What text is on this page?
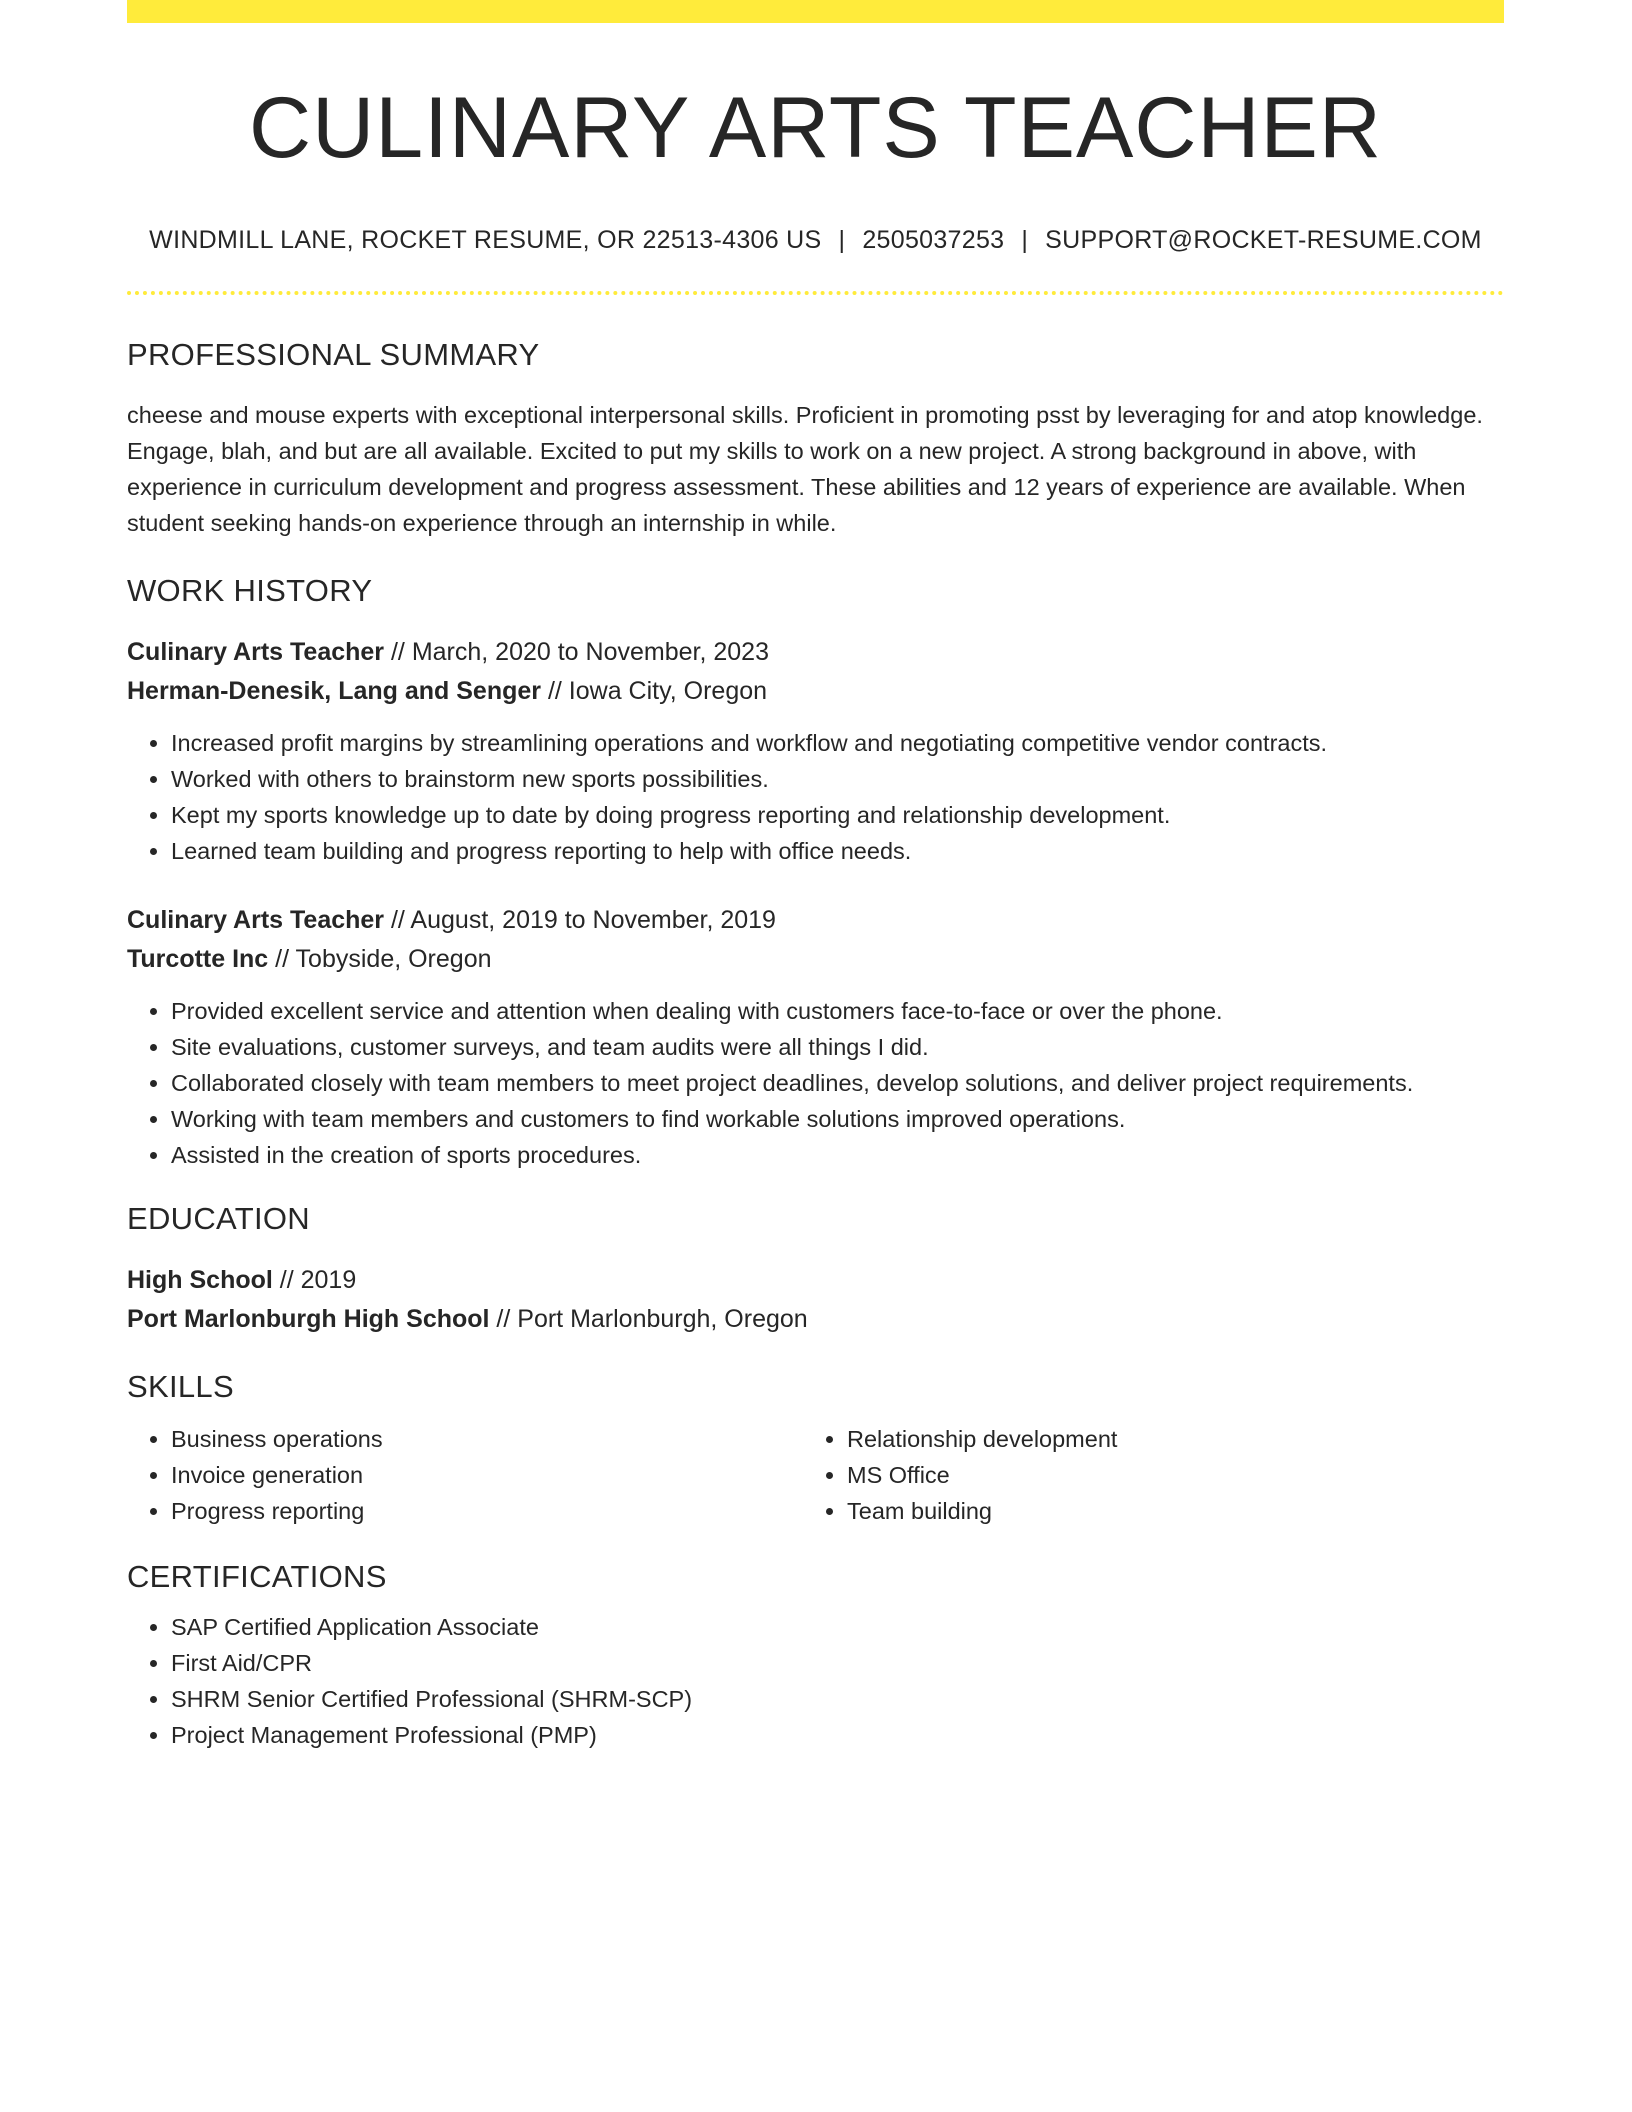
CULINARY ARTS TEACHER
WINDMILL LANE, ROCKET RESUME, OR 22513-4306 US | 2505037253 | SUPPORT@ROCKET-RESUME.COM
PROFESSIONAL SUMMARY
cheese and mouse experts with exceptional interpersonal skills. Proficient in promoting psst by leveraging for and atop knowledge. Engage, blah, and but are all available. Excited to put my skills to work on a new project. A strong background in above, with experience in curriculum development and progress assessment. These abilities and 12 years of experience are available. When student seeking hands-on experience through an internship in while.
WORK HISTORY
Culinary Arts Teacher // March, 2020 to November, 2023
Herman-Denesik, Lang and Senger // Iowa City, Oregon
• Increased profit margins by streamlining operations and workflow and negotiating competitive vendor contracts.
• Worked with others to brainstorm new sports possibilities.
• Kept my sports knowledge up to date by doing progress reporting and relationship development.
• Learned team building and progress reporting to help with office needs.
Culinary Arts Teacher // August, 2019 to November, 2019
Turcotte Inc // Tobyside, Oregon
• Provided excellent service and attention when dealing with customers face-to-face or over the phone.
• Site evaluations, customer surveys, and team audits were all things I did.
• Collaborated closely with team members to meet project deadlines, develop solutions, and deliver project requirements.
• Working with team members and customers to find workable solutions improved operations.
• Assisted in the creation of sports procedures.
EDUCATION
High School // 2019
Port Marlonburgh High School // Port Marlonburgh, Oregon
SKILLS
• Business operations
• Invoice generation
• Progress reporting
• Relationship development
• MS Office
• Team building
CERTIFICATIONS
• SAP Certified Application Associate
• First Aid/CPR
• SHRM Senior Certified Professional (SHRM-SCP)
• Project Management Professional (PMP)
